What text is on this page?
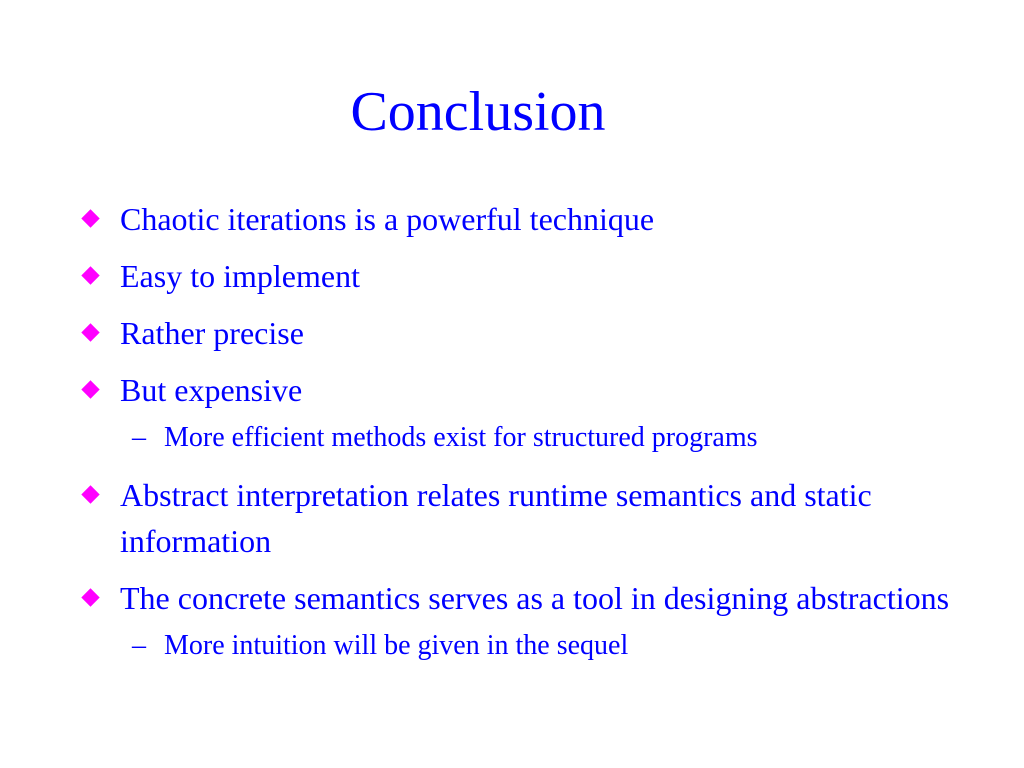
Conclusion
Chaotic iterations is a powerful technique
Easy to implement
Rather precise
But expensive
– More efficient methods exist for structured programs
Abstract interpretation relates runtime semantics and static information
The concrete semantics serves as a tool in designing abstractions
– More intuition will be given in the sequel
